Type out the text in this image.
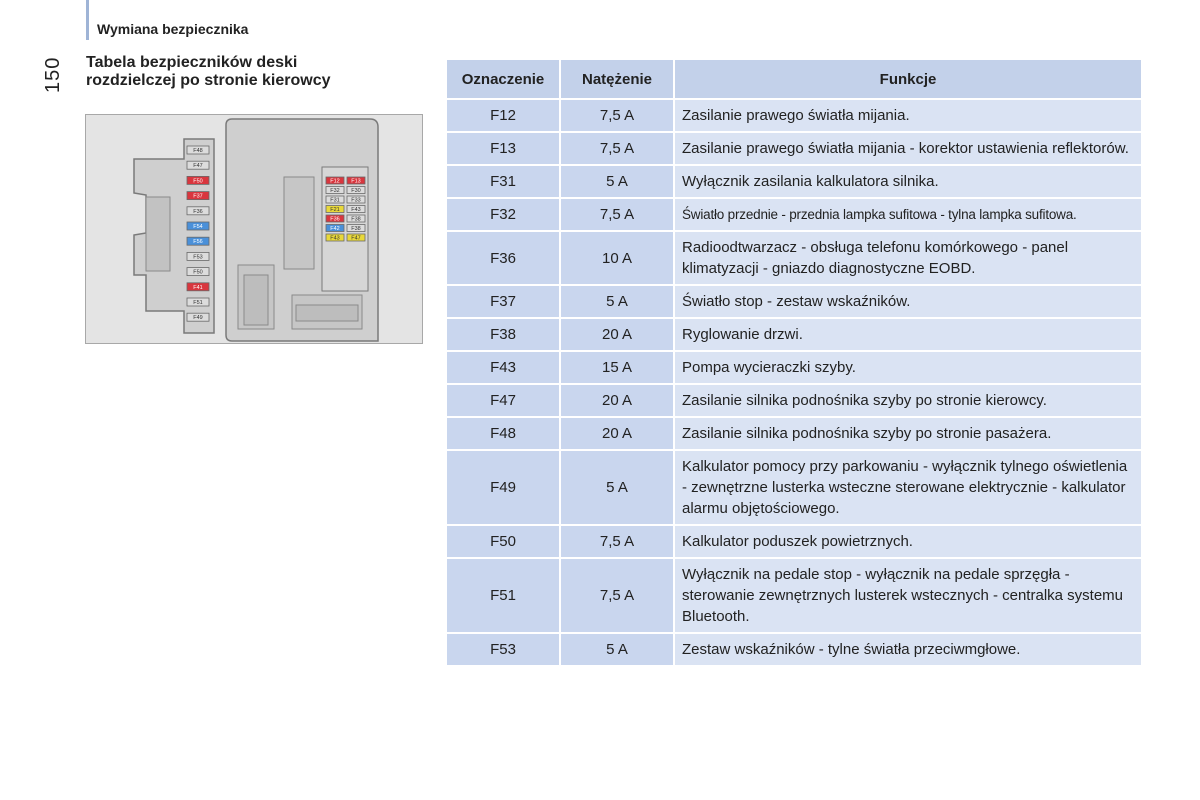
Wymiana bezpiecznika
150 Tabela bezpieczników deski
rozdzielczej po stronie kierowcy
F48
F47
F50
F37
F36
F54
F56
F53
F50
F41
F51
F49
F12 F13
F32 F30
F31 F33
F21 F43
F36 F38
F42 F38
F43 F47
Oznaczenie	Natężenie	Funkcje
F12	7,5 A	Zasilanie prawego światła mijania.
F13	7,5 A	Zasilanie prawego światła mijania - korektor ustawienia reflektorów.
F31	5 A	Wyłącznik zasilania kalkulatora silnika.
F32	7,5 A	Światło przednie - przednia lampka sufitowa - tylna lampka sufitowa.
F36	10 A	Radioodtwarzacz - obsługa telefonu komórkowego - panel klimatyzacji - gniazdo diagnostyczne EOBD.
F37	5 A	Światło stop - zestaw wskaźników.
F38	20 A	Ryglowanie drzwi.
F43	15 A	Pompa wycieraczki szyby.
F47	20 A	Zasilanie silnika podnośnika szyby po stronie kierowcy.
F48	20 A	Zasilanie silnika podnośnika szyby po stronie pasażera.
F49	5 A	Kalkulator pomocy przy parkowaniu - wyłącznik tylnego oświetlenia - zewnętrzne lusterka wsteczne sterowane elektrycznie - kalkulator alarmu objętościowego.
F50	7,5 A	Kalkulator poduszek powietrznych.
F51	7,5 A	Wyłącznik na pedale stop - wyłącznik na pedale sprzęgła - sterowanie zewnętrznych lusterek wstecznych - centralka systemu Bluetooth.
F53	5 A	Zestaw wskaźników - tylne światła przeciwmgłowe.
